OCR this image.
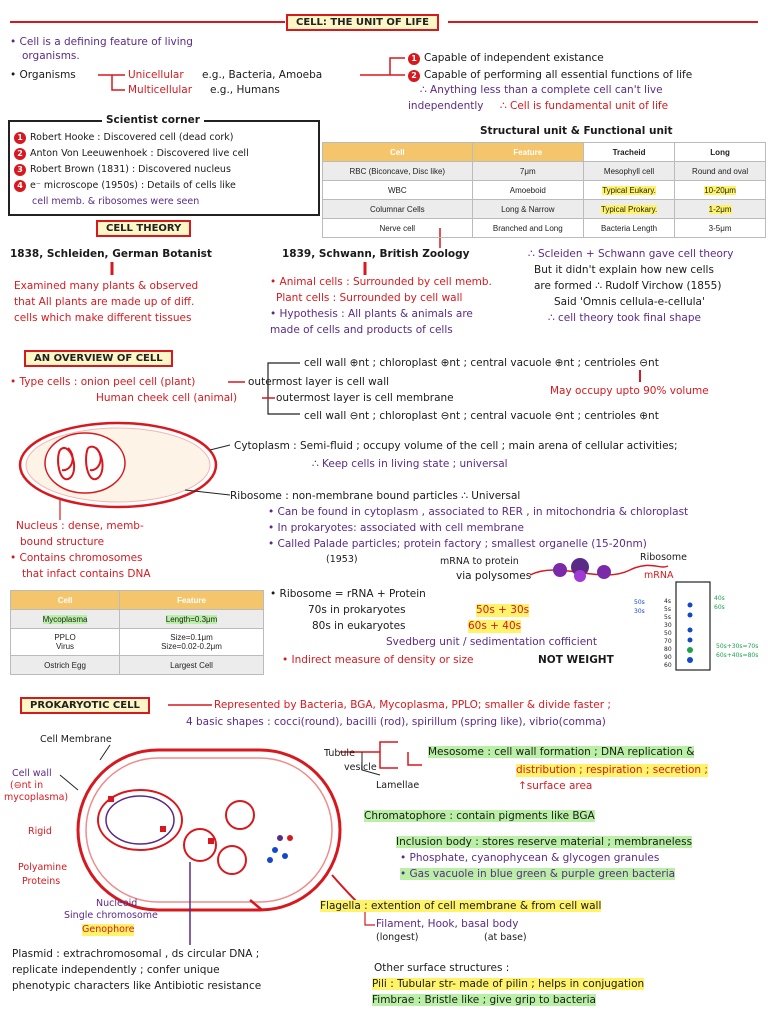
CELL: THE UNIT OF LIFE
• Cell is a defining feature of living
organisms.
• Organisms	Unicellular e.g., Bacteria, Amoeba
Multicellular e.g., Humans
1 Capable of independent existance
2 Capable of performing all essential functions of life
∴ Anything less than a complete cell can't live
independently ∴ Cell is fundamental unit of life
Structural unit & Functional unit
Scientist corner
1 Robert Hooke : Discovered cell (dead cork)
2 Anton Von Leeuwenhoek : Discovered live cell
3 Robert Brown (1831) : Discovered nucleus
4 e⁻ microscope (1950s) : Details of cells like
cell memb. & ribosomes were seen
Cell	Feature	Tracheid	Long
RBC (Biconcave, Disc like)	7μm	Mesophyll cell	Round and oval
WBC	Amoeboid	Typical Eukary.	10-20μm
Columnar Cells	Long & Narrow	Typical Prokary.	1-2μm
Nerve cell	Branched and Long	Bacteria Length	3-5μm
CELL THEORY
1838, Schleiden, German Botanist
Examined many plants & observed
that All plants are made up of diff.
cells which make different tissues
1839, Schwann, British Zoology
• Animal cells : Surrounded by cell memb.
Plant cells : Surrounded by cell wall
• Hypothesis : All plants & animals are
made of cells and products of cells
∴ Scleiden + Schwann gave cell theory
But it didn't explain how new cells
are formed ∴ Rudolf Virchow (1855)
Said 'Omnis cellula-e-cellula'
∴ cell theory took final shape
AN OVERVIEW OF CELL	cell wall ⊕nt ; chloroplast ⊕nt ; central vacuole ⊕nt ; centrioles ⊖nt
• Type cells : onion peel cell (plant)	outermost layer is cell wall
Human cheek cell (animal)	outermost layer is cell membrane
May occupy upto 90% volume
cell wall ⊖nt ; chloroplast ⊖nt ; central vacuole ⊖nt ; centrioles ⊕nt
Cytoplasm : Semi-fluid ; occupy volume of the cell ; main arena of cellular activities;
∴ Keep cells in living state ; universal
Ribosome : non-membrane bound particles ∴ Universal
• Can be found in cytoplasm , associated to RER , in mitochondria & chloroplast
• In prokaryotes: associated with cell membrane
• Called Palade particles; protein factory ; smallest organelle (15-20nm)
(1953)	mRNA to protein
via polysomes
Ribosome
mRNA
Nucleus : dense, memb-
bound structure
• Contains chromosomes
that infact contains DNA
Cell	Feature
Mycoplasma	Length=0.3μm
PPLO
Virus	Size=0.1μm
Size=0.02-0.2μm
Ostrich Egg	Largest Cell
• Ribosome = rRNA + Protein
70s in prokaryotes	50s + 30s
80s in eukaryotes	60s + 40s
Svedberg unit / sedimentation cofficient
• Indirect measure of density or size	NOT WEIGHT
50s
30s
4s
5s
5s
30
50
70
80
90
60
40s
60s
50s+30s=70s
60s+40s=80s
PROKARYOTIC CELL	Represented by Bacteria, BGA, Mycoplasma, PPLO; smaller & divide faster ;
4 basic shapes : cocci(round), bacilli (rod), spirillum (spring like), vibrio(comma)
Cell Membrane
Cell wall
(⊖nt in
mycoplasma)
Rigid
Polyamine
Proteins
Nucleoid
Single chromosome
Genophore
Tubule
vesicle
Lamellae
Mesosome : cell wall formation ; DNA replication &
distribution ; respiration ; secretion ;
↑surface area
Chromatophore : contain pigments like BGA
Inclusion body : stores reserve material ; membraneless
• Phosphate, cyanophycean & glycogen granules
• Gas vacuole in blue green & purple green bacteria
Flagella : extention of cell membrane & from cell wall
Filament, Hook, basal body
(longest)	(at base)
Plasmid : extrachromosomal , ds circular DNA ;
replicate independently ; confer unique
phenotypic characters like Antibiotic resistance
Other surface structures :
Pili : Tubular str- made of pilin ; helps in conjugation
Fimbrae : Bristle like ; give grip to bacteria
